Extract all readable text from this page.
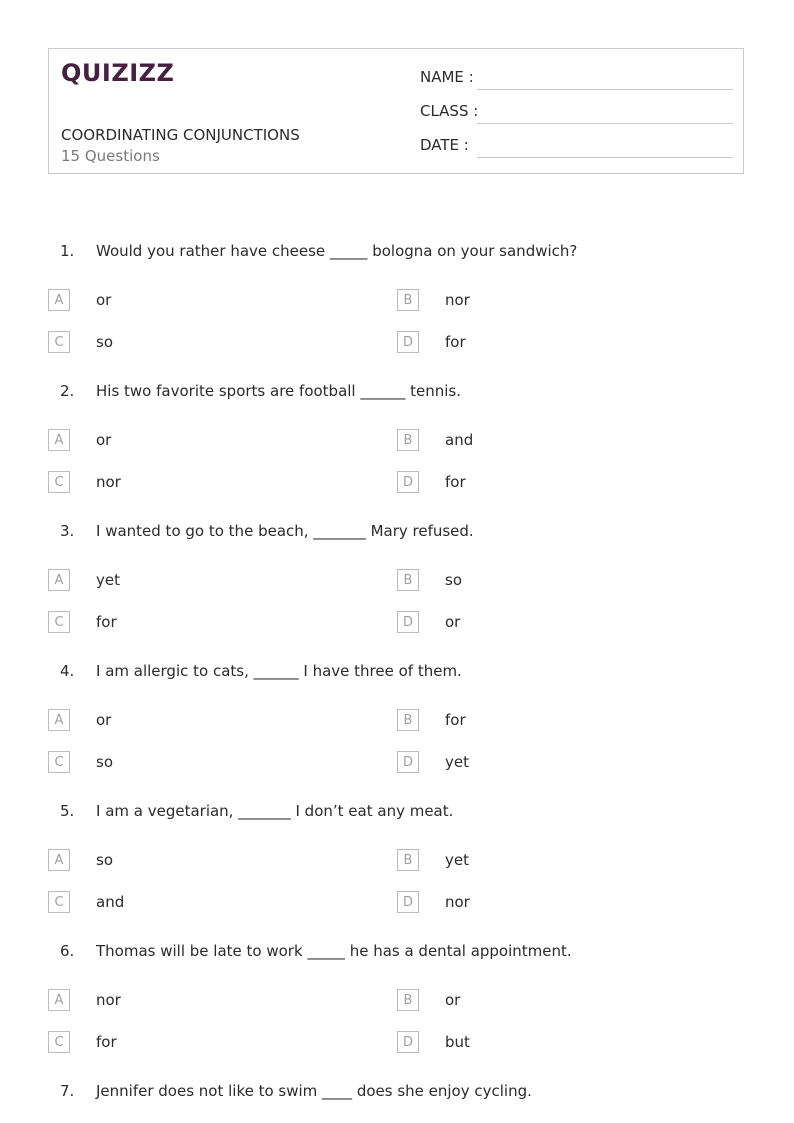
QUIZIZZ
COORDINATING CONJUNCTIONS
15 Questions
NAME :
CLASS :
DATE :
1. Would you rather have cheese _____ bologna on your sandwich?
A	or	B	nor
C	so	D	for
2. His two favorite sports are football ______ tennis.
A	or	B	and
C	nor	D	for
3. I wanted to go to the beach, _______ Mary refused.
A	yet	B	so
C	for	D	or
4. I am allergic to cats, ______ I have three of them.
A	or	B	for
C	so	D	yet
5. I am a vegetarian, _______ I don’t eat any meat.
A	so	B	yet
C	and	D	nor
6. Thomas will be late to work _____ he has a dental appointment.
A	nor	B	or
C	for	D	but
7. Jennifer does not like to swim ____ does she enjoy cycling.
